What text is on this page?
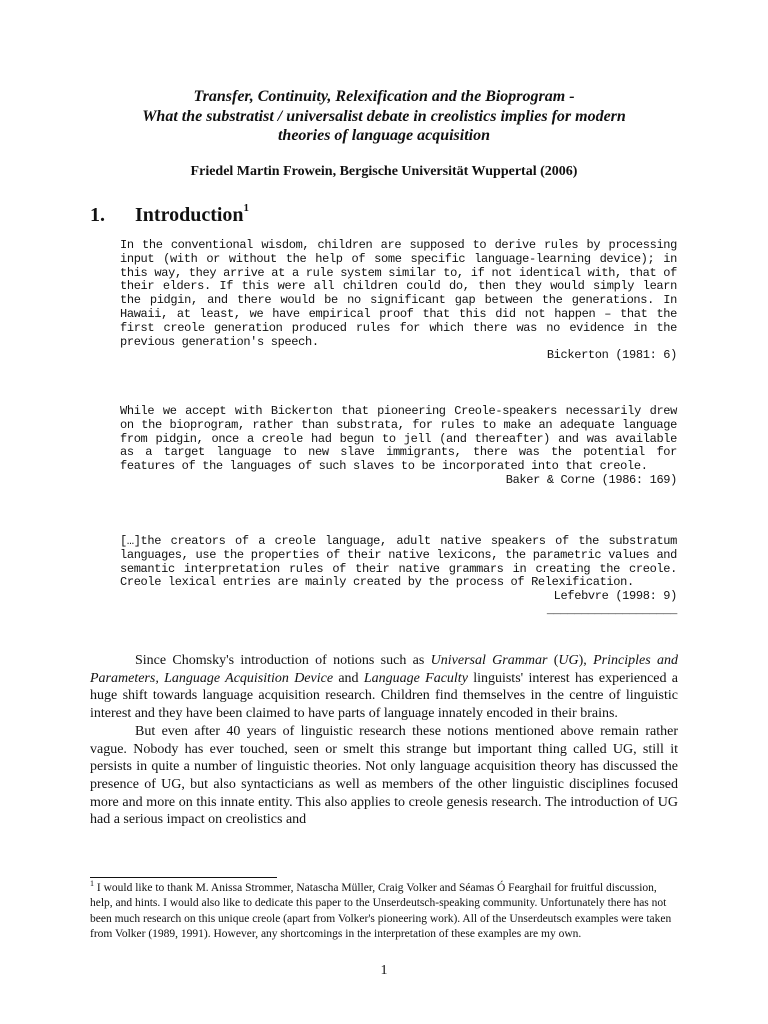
Transfer, Continuity, Relexification and the Bioprogram -
What the substratist / universalist debate in creolistics implies for modern
theories of language acquisition

Friedel Martin Frowein, Bergische Universität Wuppertal (2006)

1. Introduction$^1$
In the conventional wisdom, children are supposed to derive rules by processing input (with or without the help of some specific language-learning device); in this way, they arrive at a rule system similar to, if not identical with, that of their elders. If this were all children could do, then they would simply learn the pidgin, and there would be no significant gap between the generations. In Hawaii, at least, we have empirical proof that this did not happen – that the first creole generation produced rules for which there was no evidence in the previous generation's speech.
Bickerton (1981: 6)
While we accept with Bickerton that pioneering Creole-speakers necessarily drew on the bioprogram, rather than substrata, for rules to make an adequate language from pidgin, once a creole had begun to jell (and thereafter) and was available as a target language to new slave immigrants, there was the potential for features of the languages of such slaves to be incorporated into that creole.
Baker & Corne (1986: 169)
[…]the creators of a creole language, adult native speakers of the substratum languages, use the properties of their native lexicons, the parametric values and semantic interpretation rules of their native grammars in creating the creole. Creole lexical entries are mainly created by the process of Relexification.
Lefebvre (1998: 9)
___________________

Since Chomsky's introduction of notions such as Universal Grammar (UG), Principles and Parameters, Language Acquisition Device and Language Faculty linguists' interest has experienced a huge shift towards language acquisition research. Children find themselves in the centre of linguistic interest and they have been claimed to have parts of language innately encoded in their brains.

But even after 40 years of linguistic research these notions mentioned above remain rather vague. Nobody has ever touched, seen or smelt this strange but important thing called UG, still it persists in quite a number of linguistic theories. Not only language acquisition theory has discussed the presence of UG, but also syntacticians as well as members of the other linguistic disciplines focused more and more on this innate entity. This also applies to creole genesis research. The introduction of UG had a serious impact on creolistics and

$^1$ I would like to thank M. Anissa Strommer, Natascha Müller, Craig Volker and Séamas Ó Fearghail for fruitful discussion, help, and hints. I would also like to dedicate this paper to the Unserdeutsch-speaking community. Unfortunately there has not been much research on this unique creole (apart from Volker's pioneering work). All of the Unserdeutsch examples were taken from Volker (1989, 1991). However, any shortcomings in the interpretation of these examples are my own.

1
